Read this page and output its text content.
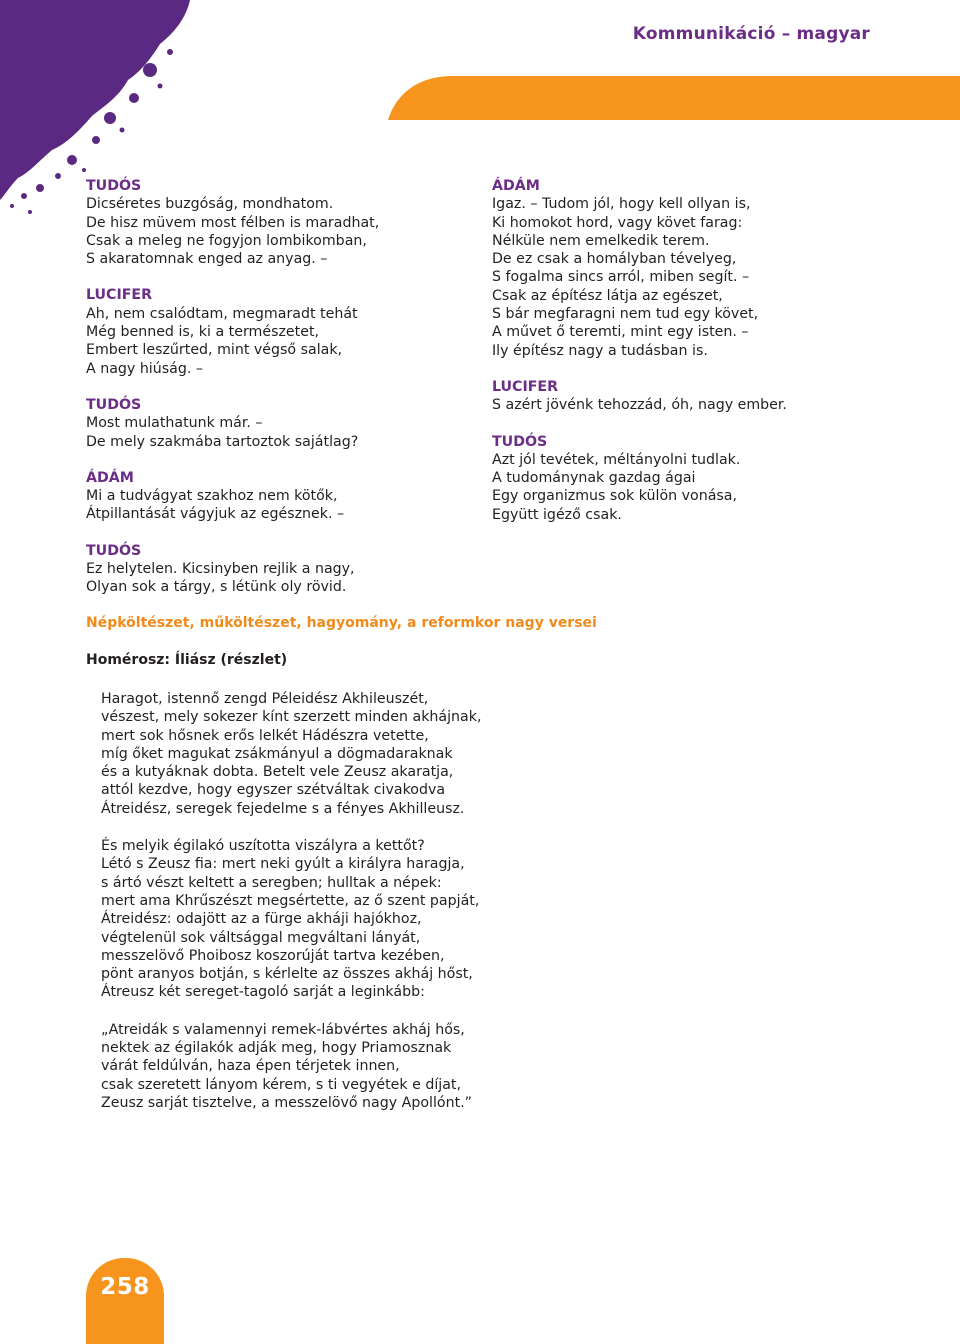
Kommunikáció – magyar
TUDÓS
Dicséretes buzgóság, mondhatom.
De hisz müvem most félben is maradhat,
Csak a meleg ne fogyjon lombikomban,
S akaratomnak enged az anyag. –
LUCIFER
Ah, nem csalódtam, megmaradt tehát
Még benned is, ki a természetet,
Embert leszűrted, mint végső salak,
A nagy hiúság. –
TUDÓS
Most mulathatunk már. –
De mely szakmába tartoztok sajátlag?
ÁDÁM
Mi a tudvágyat szakhoz nem kötők,
Átpillantását vágyjuk az egésznek. –
TUDÓS
Ez helytelen. Kicsinyben rejlik a nagy,
Olyan sok a tárgy, s létünk oly rövid.
ÁDÁM
Igaz. – Tudom jól, hogy kell ollyan is,
Ki homokot hord, vagy követ farag:
Nélküle nem emelkedik terem.
De ez csak a homályban tévelyeg,
S fogalma sincs arról, miben segít. –
Csak az építész látja az egészet,
S bár megfaragni nem tud egy követ,
A művet ő teremti, mint egy isten. –
Ily építész nagy a tudásban is.
LUCIFER
S azért jövénk tehozzád, óh, nagy ember.
TUDÓS
Azt jól tevétek, méltányolni tudlak.
A tudománynak gazdag ágai
Egy organizmus sok külön vonása,
Együtt igéző csak.
Népköltészet, műköltészet, hagyomány, a reformkor nagy versei
Homérosz: Íliász (részlet)
Haragot, istennő zengd Péleidész Akhileuszét,
vészest, mely sokezer kínt szerzett minden akhájnak,
mert sok hősnek erős lelkét Hádészra vetette,
míg őket magukat zsákmányul a dögmadaraknak
és a kutyáknak dobta. Betelt vele Zeusz akaratja,
attól kezdve, hogy egyszer szétváltak civakodva
Átreidész, seregek fejedelme s a fényes Akhilleusz.
És melyik égilakó uszította viszályra a kettőt?
Létó s Zeusz fia: mert neki gyúlt a királyra haragja,
s ártó vészt keltett a seregben; hulltak a népek:
mert ama Khrűszészt megsértette, az ő szent papját,
Átreidész: odajött az a fürge akháji hajókhoz,
végtelenül sok váltsággal megváltani lányát,
messzelövő Phoibosz koszorúját tartva kezében,
pönt aranyos botján, s kérlelte az összes akháj hőst,
Átreusz két sereget-tagoló sarját a leginkább:
„Atreidák s valamennyi remek-lábvértes akháj hős,
nektek az égilakók adják meg, hogy Priamosznak
várát feldúlván, haza épen térjetek innen,
csak szeretett lányom kérem, s ti vegyétek e díjat,
Zeusz sarját tisztelve, a messzelövő nagy Apollónt.”
258
